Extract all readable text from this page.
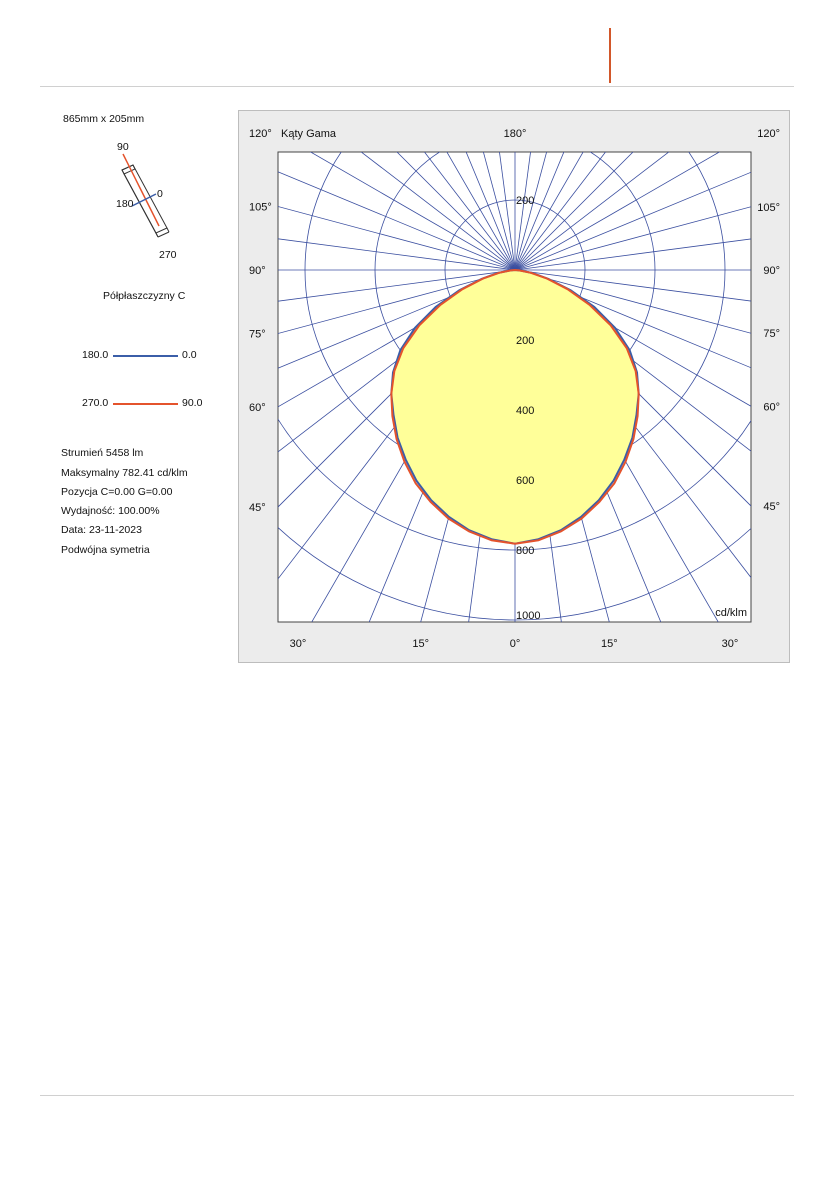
865mm x 205mm
90
0
180
270
Półpłaszczyzny C
180.0	0.0
270.0	90.0
Strumień 5458 lm
Maksymalny 782.41 cd/klm
Pozycja C=0.00 G=0.00
Wydajność: 100.00%
Data: 23-11-2023
Podwójna symetria
120° Kąty Gama	180°	120°
105°
90°
75°
60°
45°
105°
90°
75°
60°
45°
30°	15°	0°	15°	30°
200
200
400
600
800
1000	cd/klm
